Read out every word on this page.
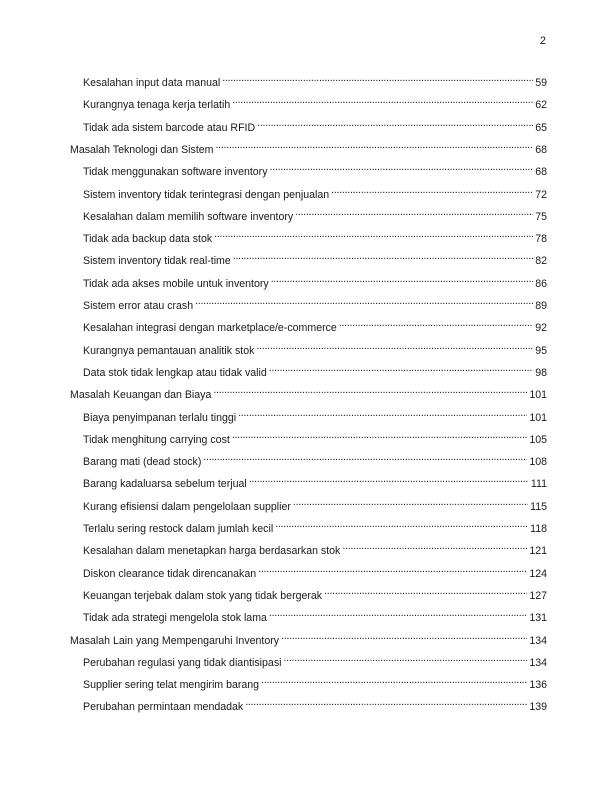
2
Kesalahan input data manual . . .	59
Kurangnya tenaga kerja terlatih . . .	62
Tidak ada sistem barcode atau RFID . . .	65
Masalah Teknologi dan Sistem . . .	68
Tidak menggunakan software inventory . . .	68
Sistem inventory tidak terintegrasi dengan penjualan . . .	72
Kesalahan dalam memilih software inventory . . .	75
Tidak ada backup data stok . . .	78
Sistem inventory tidak real-time . . .	82
Tidak ada akses mobile untuk inventory . . .	86
Sistem error atau crash . . .	89
Kesalahan integrasi dengan marketplace/e-commerce . . .	92
Kurangnya pemantauan analitik stok . . .	95
Data stok tidak lengkap atau tidak valid . . .	98
Masalah Keuangan dan Biaya . . .	101
Biaya penyimpanan terlalu tinggi . . .	101
Tidak menghitung carrying cost . . .	105
Barang mati (dead stock) . . .	108
Barang kadaluarsa sebelum terjual . . .	111
Kurang efisiensi dalam pengelolaan supplier . . .	115
Terlalu sering restock dalam jumlah kecil . . .	118
Kesalahan dalam menetapkan harga berdasarkan stok . . .	121
Diskon clearance tidak direncanakan . . .	124
Keuangan terjebak dalam stok yang tidak bergerak . . .	127
Tidak ada strategi mengelola stok lama . . .	131
Masalah Lain yang Mempengaruhi Inventory . . .	134
Perubahan regulasi yang tidak diantisipasi . . .	134
Supplier sering telat mengirim barang . . .	136
Perubahan permintaan mendadak . . .	139
